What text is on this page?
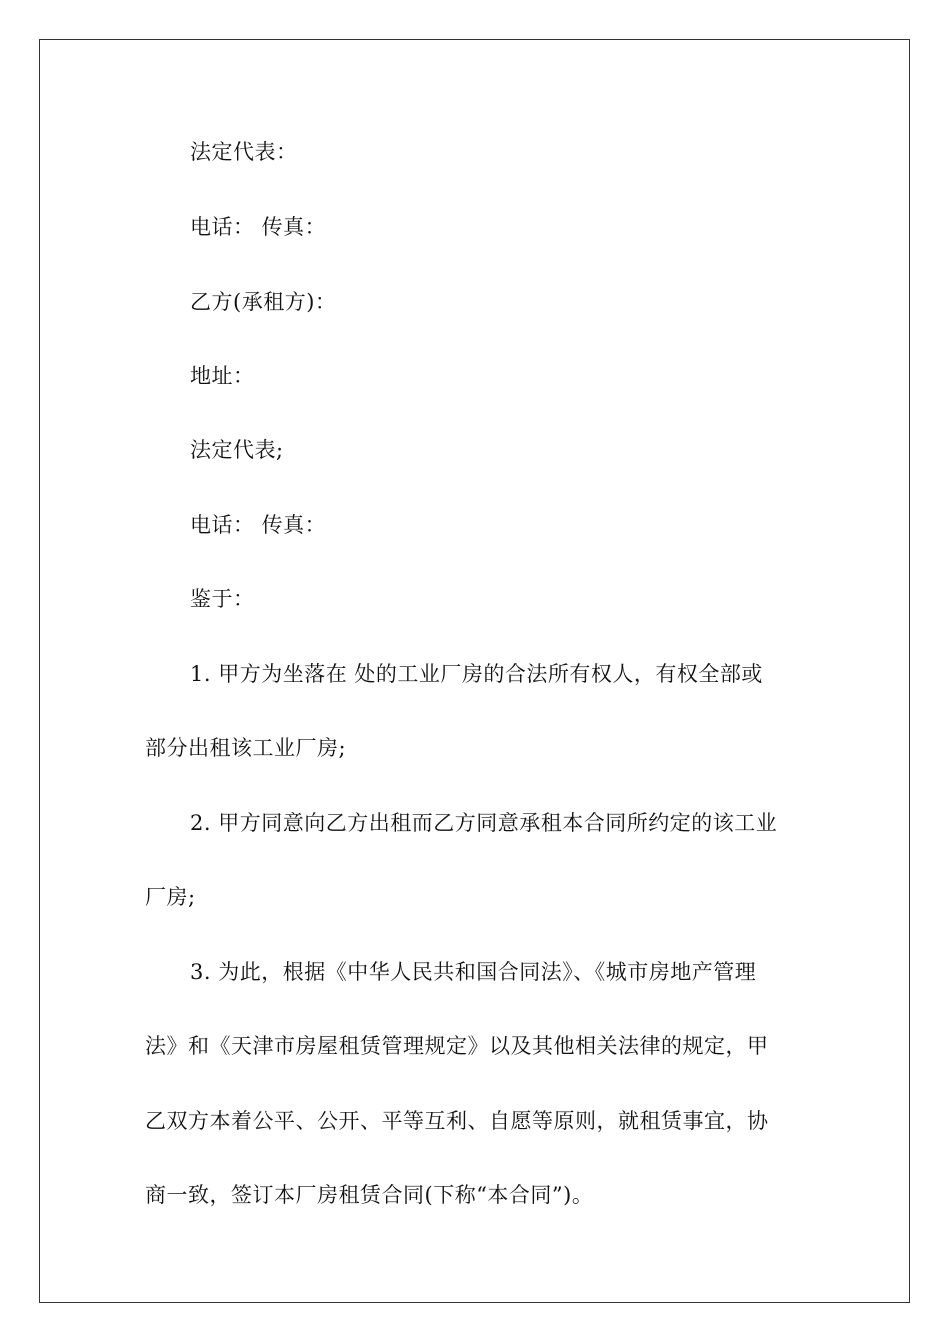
法定代表：
电话： 传真：
乙方(承租方)：
地址：
法定代表;
电话： 传真：
鉴于：
1. 甲方为坐落在 处的工业厂房的合法所有权人，有权全部或
部分出租该工业厂房;
2. 甲方同意向乙方出租而乙方同意承租本合同所约定的该工业
厂房;
3. 为此，根据《中华人民共和国合同法》、《城市房地产管理
法》和《天津市房屋租赁管理规定》以及其他相关法律的规定，甲
乙双方本着公平、公开、平等互利、自愿等原则，就租赁事宜，协
商一致，签订本厂房租赁合同(下称“本合同”)。
